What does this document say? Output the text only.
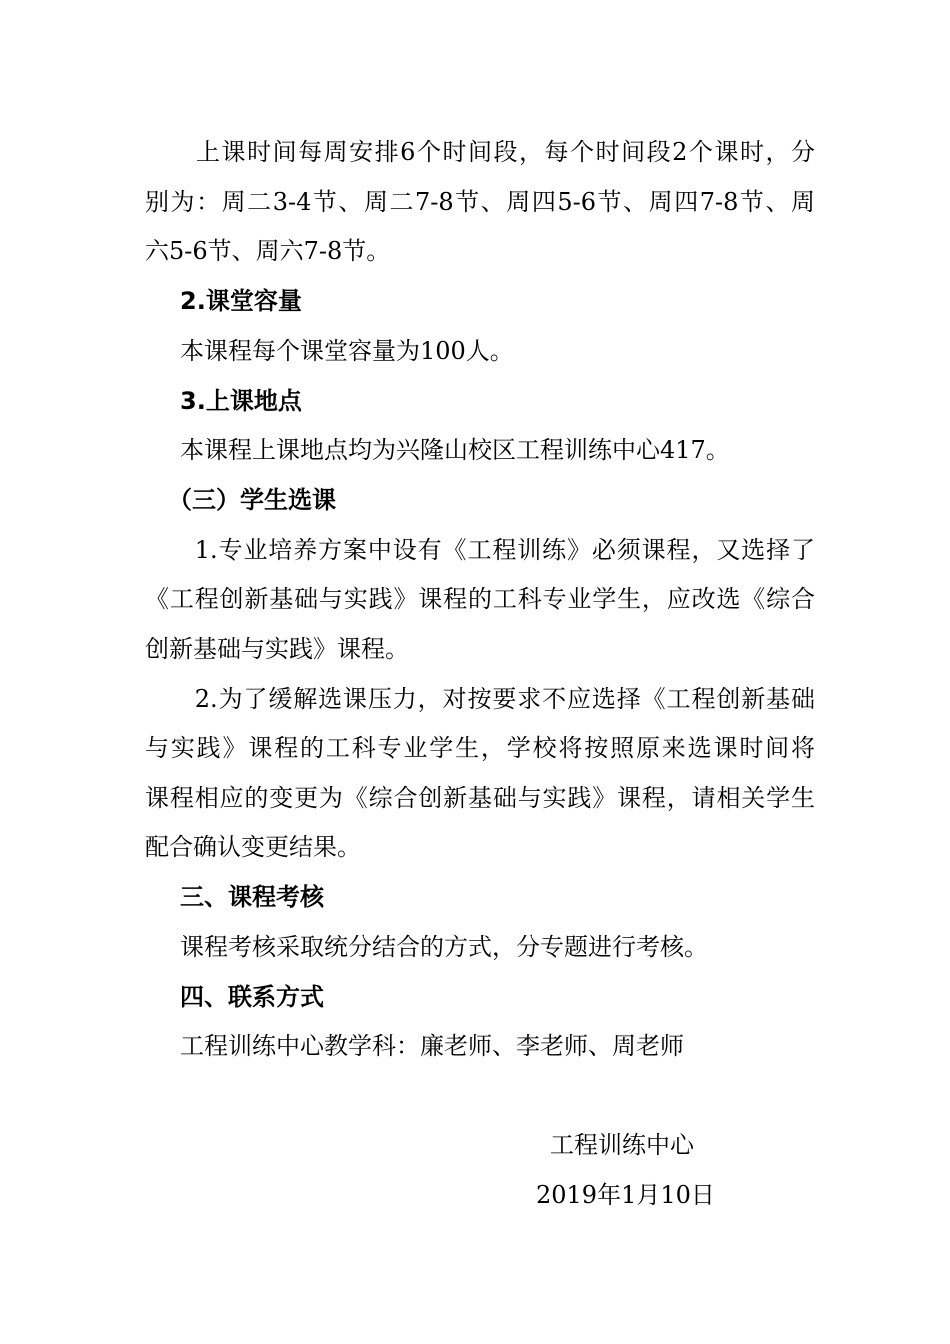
　　上课时间每周安排6个时间段，每个时间段2个课时，分
别为：周二3-4节、周二7-8节、周四5-6节、周四7-8节、周
六5-6节、周六7-8节。
2.课堂容量
本课程每个课堂容量为100人。
3.上课地点
本课程上课地点均为兴隆山校区工程训练中心417。
（三）学生选课
　　1.专业培养方案中设有《工程训练》必须课程，又选择了
《工程创新基础与实践》课程的工科专业学生，应改选《综合
创新基础与实践》课程。
　　2.为了缓解选课压力，对按要求不应选择《工程创新基础
与实践》课程的工科专业学生，学校将按照原来选课时间将
课程相应的变更为《综合创新基础与实践》课程，请相关学生
配合确认变更结果。
三、课程考核
课程考核采取统分结合的方式，分专题进行考核。
四、联系方式
工程训练中心教学科：廉老师、李老师、周老师
工程训练中心
2019年1月10日
